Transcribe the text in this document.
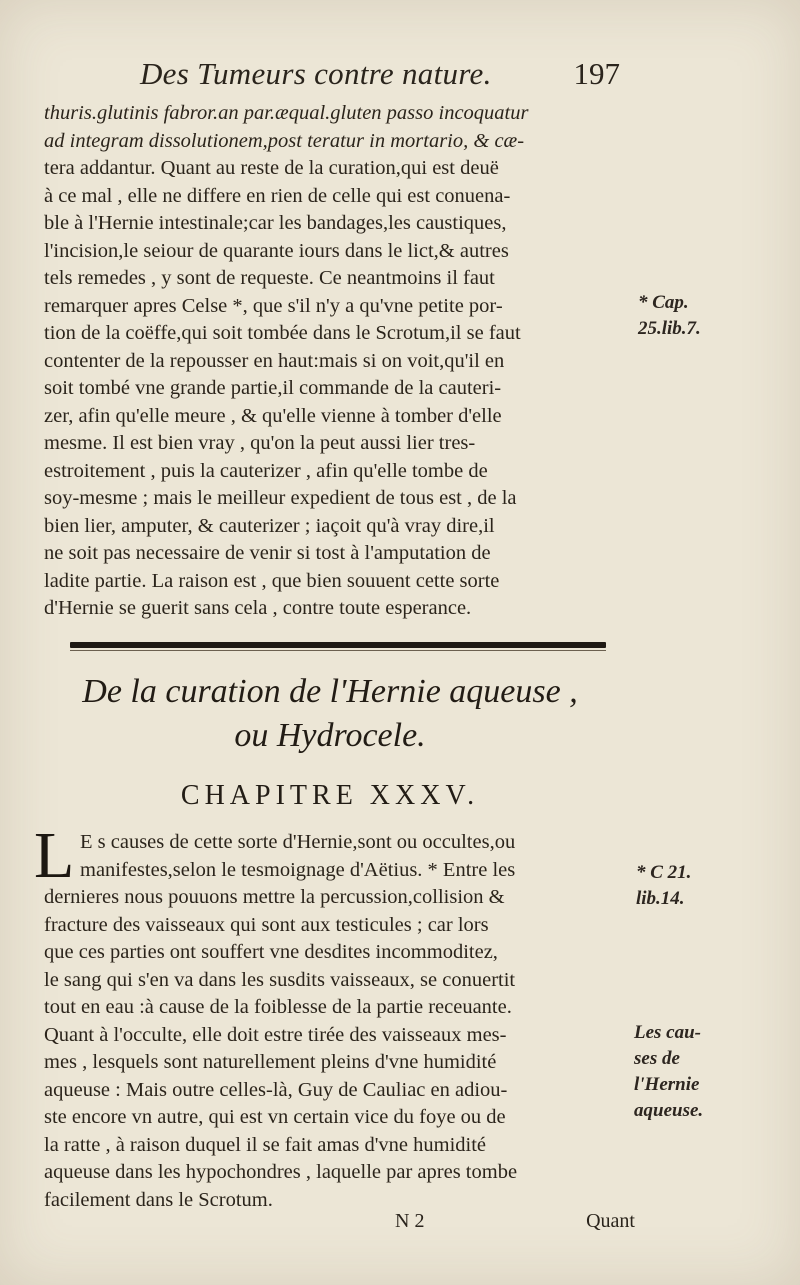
Des Tumeurs contre nature.	197
thuris.glutinis fabror.an par.æqual.gluten passo incoquatur
ad integram dissolutionem,post teratur in mortario, & cæ-
tera addantur. Quant au reste de la curation,qui est deuë
à ce mal , elle ne differe en rien de celle qui est conuena-
ble à l'Hernie intestinale;car les bandages,les caustiques,
l'incision,le seiour de quarante iours dans le lict,& autres
tels remedes , y sont de requeste. Ce neantmoins il faut
remarquer apres Celse *, que s'il n'y a qu'vne petite por-
tion de la coëffe,qui soit tombée dans le Scrotum,il se faut
contenter de la repousser en haut:mais si on voit,qu'il en
soit tombé vne grande partie,il commande de la cauteri-
zer, afin qu'elle meure , & qu'elle vienne à tomber d'elle
mesme. Il est bien vray , qu'on la peut aussi lier tres-
estroitement , puis la cauterizer , afin qu'elle tombe de
soy-mesme ; mais le meilleur expedient de tous est , de la
bien lier, amputer, & cauterizer ; iaçoit qu'à vray dire,il
ne soit pas necessaire de venir si tost à l'amputation de
ladite partie. La raison est , que bien souuent cette sorte
d'Hernie se guerit sans cela , contre toute esperance.
* Cap.
25.lib.7.
De la curation de l'Hernie aqueuse ,
ou Hydrocele.
CHAPITRE XXXV.
L E s causes de cette sorte d'Hernie,sont ou occultes,ou
manifestes,selon le tesmoignage d'Aëtius. * Entre les
dernieres nous pouuons mettre la percussion,collision &
fracture des vaisseaux qui sont aux testicules ; car lors
que ces parties ont souffert vne desdites incommoditez,
le sang qui s'en va dans les susdits vaisseaux, se conuertit
tout en eau :à cause de la foiblesse de la partie receuante.
Quant à l'occulte, elle doit estre tirée des vaisseaux mes-
mes , lesquels sont naturellement pleins d'vne humidité
aqueuse : Mais outre celles-là, Guy de Cauliac en adiou-
ste encore vn autre, qui est vn certain vice du foye ou de
la ratte , à raison duquel il se fait amas d'vne humidité
aqueuse dans les hypochondres , laquelle par apres tombe
facilement dans le Scrotum.
* C 21.
lib.14.
Les cau-
ses de
l'Hernie
aqueuse.
N 2	Quant
